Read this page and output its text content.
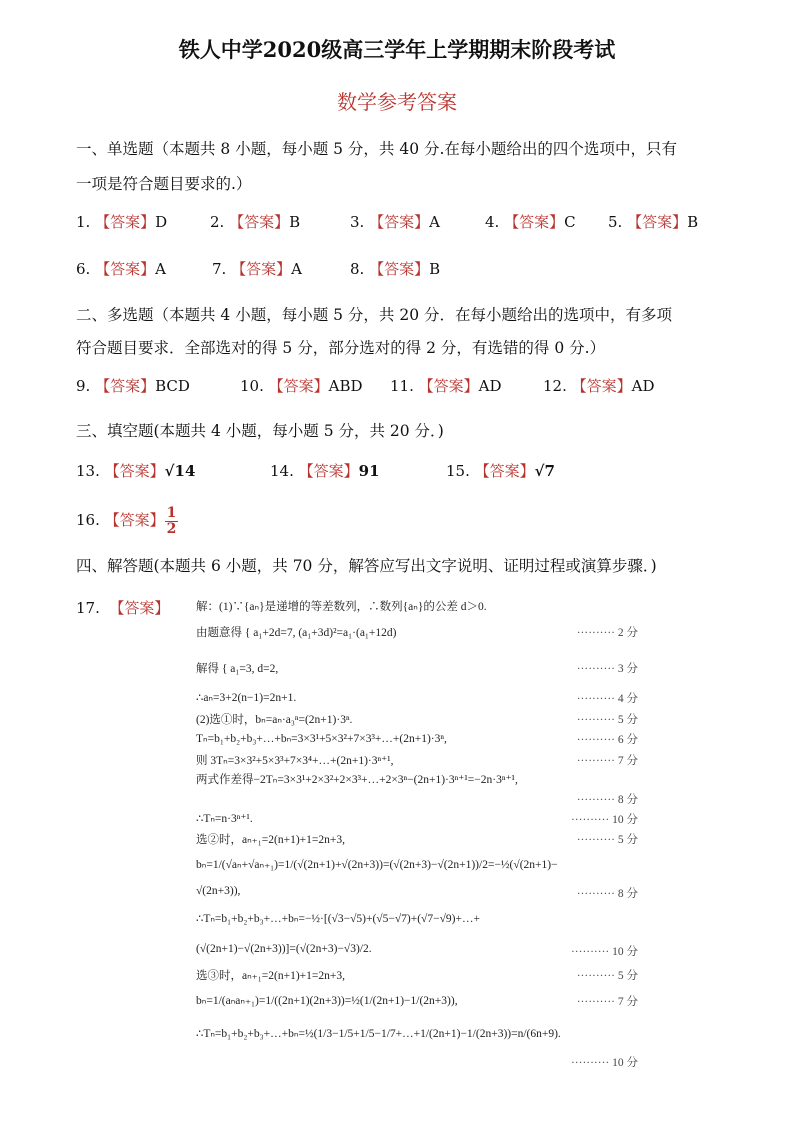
铁人中学2020级高三学年上学期期末阶段考试
数学参考答案
一、单选题（本题共 8 小题，每小题 5 分，共 40 分.在每小题给出的四个选项中，只有
一项是符合题目要求的.）
二、多选题（本题共 4 小题，每小题 5 分，共 20 分．在每小题给出的选项中，有多项
符合题目要求．全部选对的得 5 分，部分选对的得 2 分，有选错的得 0 分.）
三、填空题(本题共 4 小题，每小题 5 分，共 20 分．)
四、解答题(本题共 6 小题，共 70 分，解答应写出文字说明、证明过程或演算步骤．)
17. 【答案】
1. 【答案】D	2. 【答案】B	3. 【答案】A	4. 【答案】C 5. 【答案】B
6. 【答案】A	7. 【答案】A	8. 【答案】B
9. 【答案】BCD	10. 【答案】ABD 11. 【答案】AD	12. 【答案】AD
13. 【答案】√14	14. 【答案】91	15. 【答案】√7
16. 【答案】 $\frac{1}{2}$
解：(1)∵{aₙ}是递增的等差数列，∴数列{aₙ}的公差 d＞0.
由题意得 { a₁+2d=7, (a₁+3d)²=a₁·(a₁+12d)	·········· 2 分
解得 { a₁=3, d=2,	·········· 3 分
∴aₙ=3+2(n−1)=2n+1.	·········· 4 分
(2)选①时，bₙ=aₙ·a₃ⁿ=(2n+1)·3ⁿ.	·········· 5 分
Tₙ=b₁+b₂+b₃+…+bₙ=3×3¹+5×3²+7×3³+…+(2n+1)·3ⁿ,	·········· 6 分
则 3Tₙ=3×3²+5×3³+7×3⁴+…+(2n+1)·3ⁿ⁺¹,	·········· 7 分
两式作差得−2Tₙ=3×3¹+2×3²+2×3³+…+2×3ⁿ−(2n+1)·3ⁿ⁺¹=−2n·3ⁿ⁺¹,
·········· 8 分
∴Tₙ=n·3ⁿ⁺¹.	·········· 10 分
选②时，aₙ₊₁=2(n+1)+1=2n+3,	·········· 5 分
bₙ=1/(√aₙ+√aₙ₊₁)=1/(√(2n+1)+√(2n+3))=(√(2n+3)−√(2n+1))/2=−½(√(2n+1)−
√(2n+3)),	·········· 8 分
∴Tₙ=b₁+b₂+b₃+…+bₙ=−½·[(√3−√5)+(√5−√7)+(√7−√9)+…+
(√(2n+1)−√(2n+3))]=(√(2n+3)−√3)/2.	·········· 10 分
选③时，aₙ₊₁=2(n+1)+1=2n+3,	·········· 5 分
bₙ=1/(aₙaₙ₊₁)=1/((2n+1)(2n+3))=½(1/(2n+1)−1/(2n+3)),	·········· 7 分
∴Tₙ=b₁+b₂+b₃+…+bₙ=½(1/3−1/5+1/5−1/7+…+1/(2n+1)−1/(2n+3))=n/(6n+9).
·········· 10 分
